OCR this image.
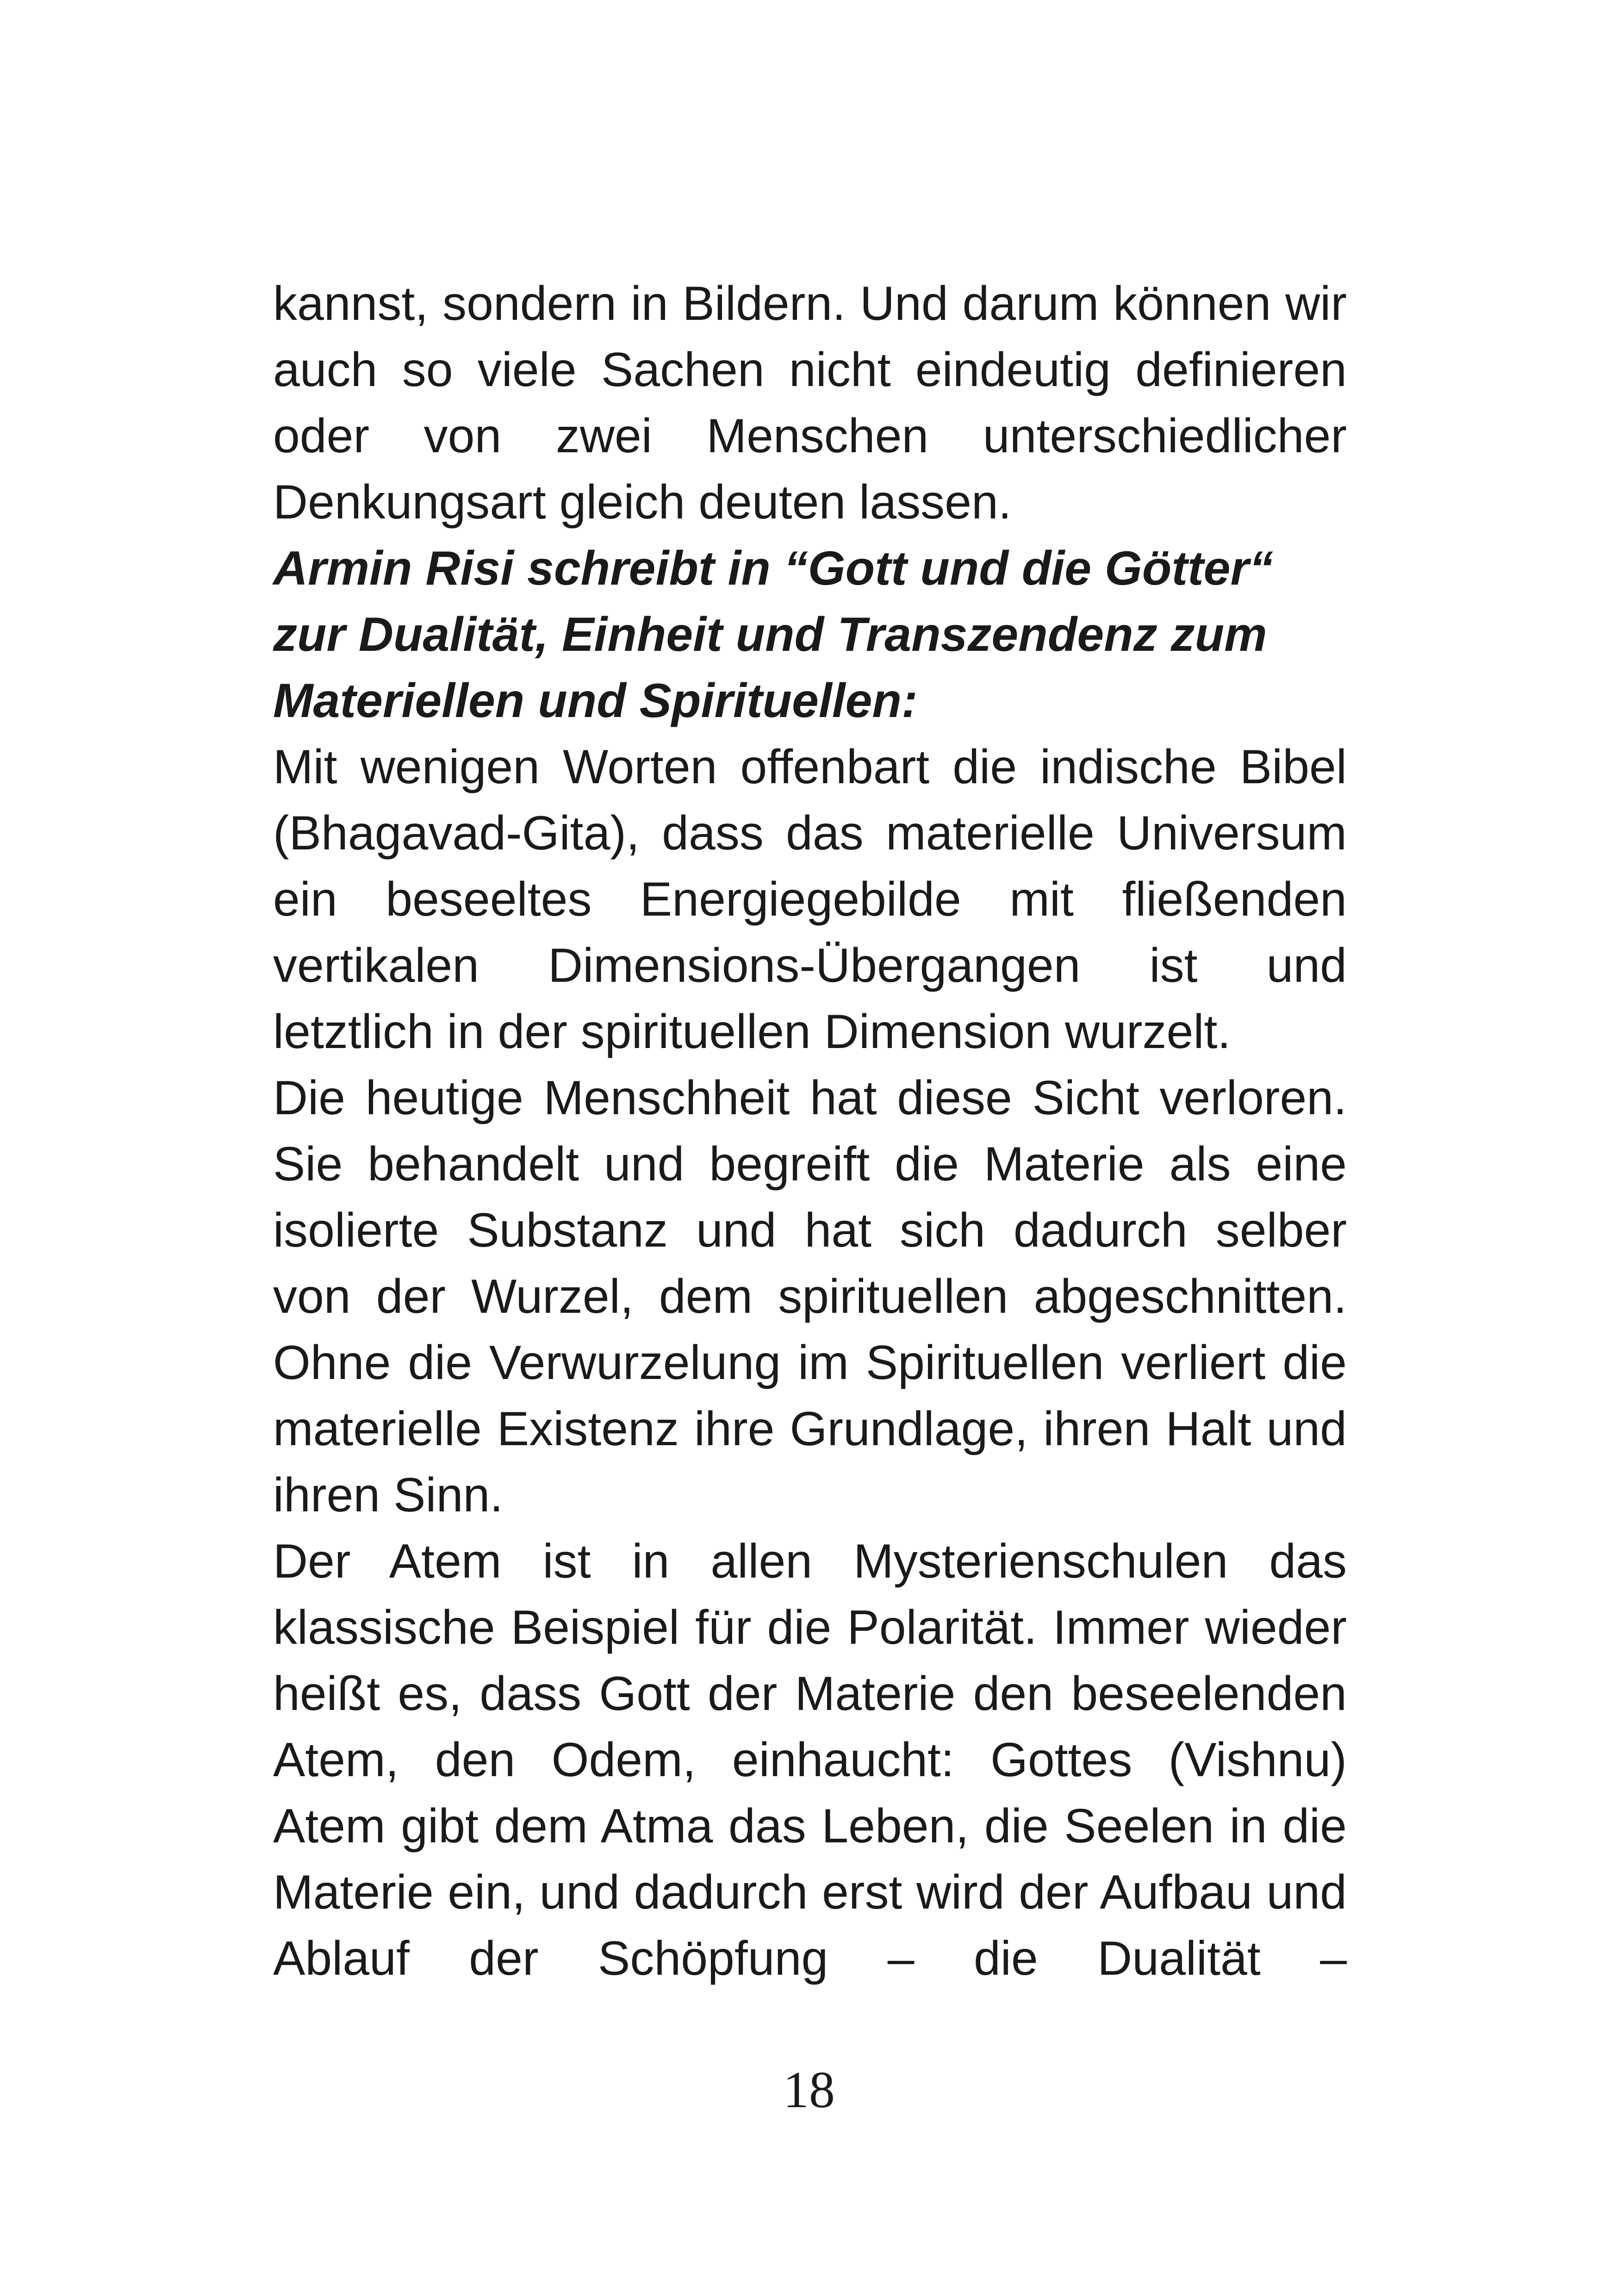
kannst, sondern in Bildern. Und darum können wir auch so viele Sachen nicht eindeutig definieren oder von zwei Menschen unterschiedlicher Denkungsart gleich deuten lassen.

Armin Risi schreibt in “Gott und die Götter“ zur Dualität, Einheit und Transzendenz zum Materiellen und Spirituellen:

Mit wenigen Worten offenbart die indische Bibel (Bhagavad-Gita), dass das materielle Universum ein beseeltes Energiegebilde mit fließenden vertikalen Dimensions-Übergangen ist und letztlich in der spirituellen Dimension wurzelt.

Die heutige Menschheit hat diese Sicht verloren. Sie behandelt und begreift die Materie als eine isolierte Substanz und hat sich dadurch selber von der Wurzel, dem spirituellen abgeschnitten. Ohne die Verwurzelung im Spirituellen verliert die materielle Existenz ihre Grundlage, ihren Halt und ihren Sinn.

Der Atem ist in allen Mysterienschulen das klassische Beispiel für die Polarität. Immer wieder heißt es, dass Gott der Materie den beseelenden Atem, den Odem, einhaucht: Gottes (Vishnu) Atem gibt dem Atma das Leben, die Seelen in die Materie ein, und dadurch erst wird der Aufbau und Ablauf der Schöpfung – die Dualität –

18
